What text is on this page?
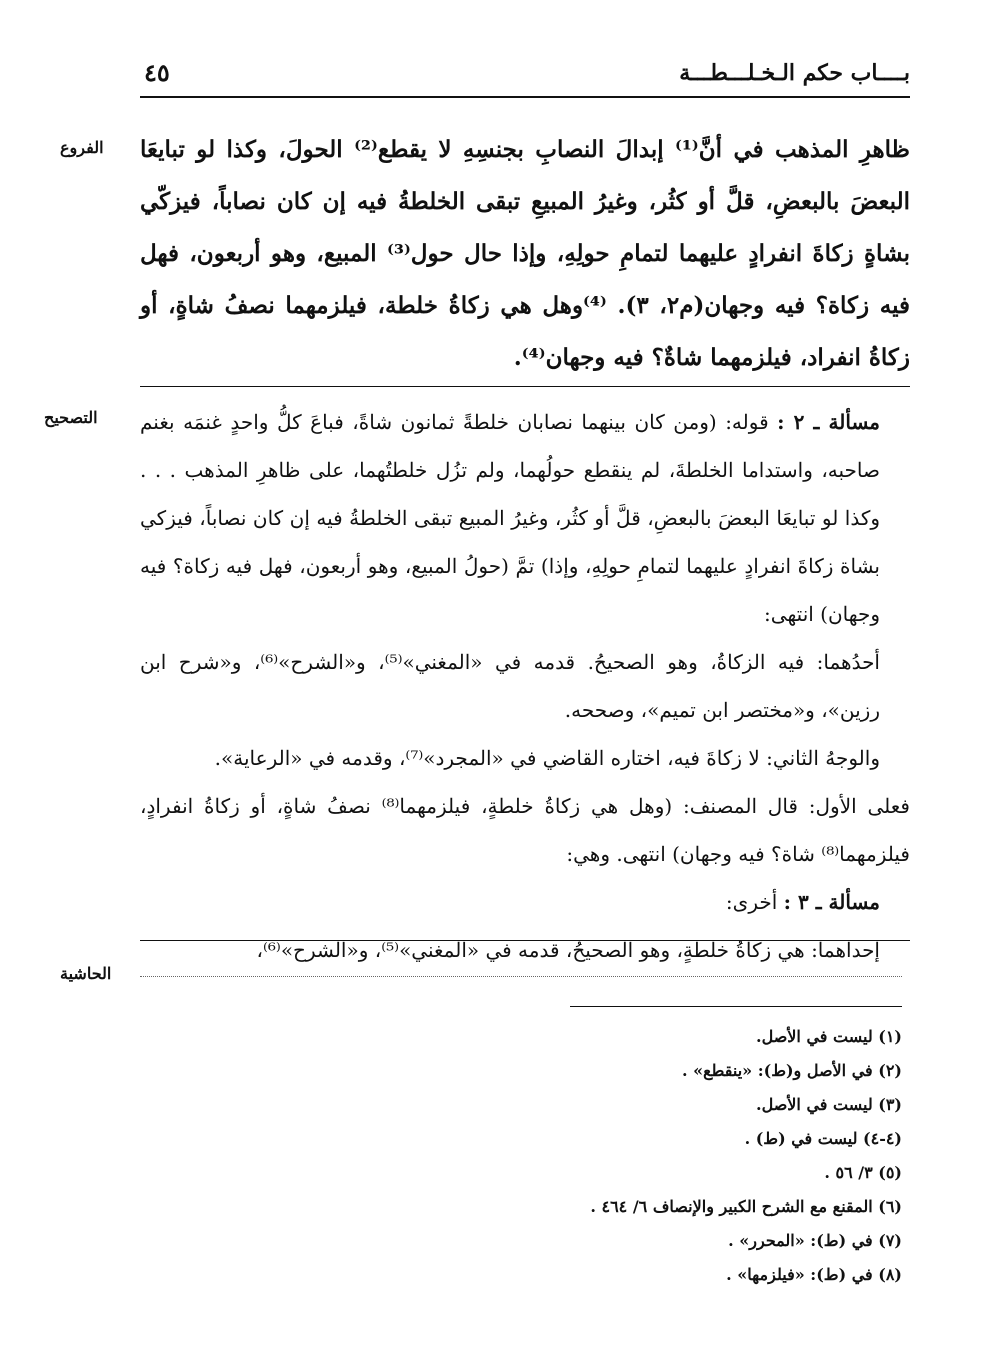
بــــاب حكم الـخـلـــطـــة
٤٥
الفروع
التصحيح
الحاشية

ظاهرِ المذهب في أنَّ⁽¹⁾ إبدالَ النصابِ بجنسِهِ لا يقطع⁽²⁾ الحولَ، وكذا لو تبايعَا البعضَ بالبعضِ، قلَّ أو كثُر، وغيرُ المبيعِ تبقى الخلطةُ فيه إن كان نصاباً، فيزكّي بشاةٍ زكاةَ انفرادٍ عليهما لتمامِ حولِهِ، وإذا حال حول⁽³⁾ المبيع، وهو أربعون، فهل فيه زكاة؟ فيه وجهان(م٢، ٣). ⁽⁴⁾وهل هي زكاةُ خلطة، فيلزمهما نصفُ شاةٍ، أو زكاةُ انفراد، فيلزمهما شاةٌ؟ فيه وجهان⁽⁴⁾.

مسألة ـ ٢ : قوله: (ومن كان بينهما نصابان خلطةً ثمانون شاةً، فباعَ كلُّ واحدٍ غنمَه بغنم صاحبه، واستداما الخلطةَ، لم ينقطع حولُهما، ولم تزُل خلطتُهما، على ظاهرِ المذهب . . . وكذا لو تبايعَا البعضَ بالبعضِ، قلَّ أو كثُر، وغيرُ المبيع تبقى الخلطةُ فيه إن كان نصاباً، فيزكي بشاة زكاةَ انفرادٍ عليهما لتمامِ حولِهِ، وإذا) تمَّ (حولُ المبيع، وهو أربعون، فهل فيه زكاة؟ فيه وجهان) انتهى:

أحدُهما: فيه الزكاةُ، وهو الصحيحُ. قدمه في «المغني»⁽⁵⁾، و«الشرح»⁽⁶⁾، و«شرح ابن رزين»، و«مختصر ابن تميم»، وصححه.

والوجهُ الثاني: لا زكاةَ فيه، اختاره القاضي في «المجرد»⁽⁷⁾، وقدمه في «الرعاية».

فعلى الأول: قال المصنف: (وهل هي زكاةُ خلطةٍ، فيلزمهما⁽⁸⁾ نصفُ شاةٍ، أو زكاةُ انفرادٍ، فيلزمهما⁽⁸⁾ شاة؟ فيه وجهان) انتهى. وهي:

مسألة ـ ٣ : أخرى:

إحداهما: هي زكاةُ خلطةٍ، وهو الصحيحُ، قدمه في «المغني»⁽⁵⁾، و«الشرح»⁽⁶⁾،

(١) ليست في الأصل.
(٢) في الأصل و(ط): «ينقطع» .
(٣) ليست في الأصل.
(٤-٤) ليست في (ط) .
(٥) ٣/ ٥٦ .
(٦) المقنع مع الشرح الكبير والإنصاف ٦/ ٤٦٤ .
(٧) في (ط): «المحرر» .
(٨) في (ط): «فيلزمها» .
